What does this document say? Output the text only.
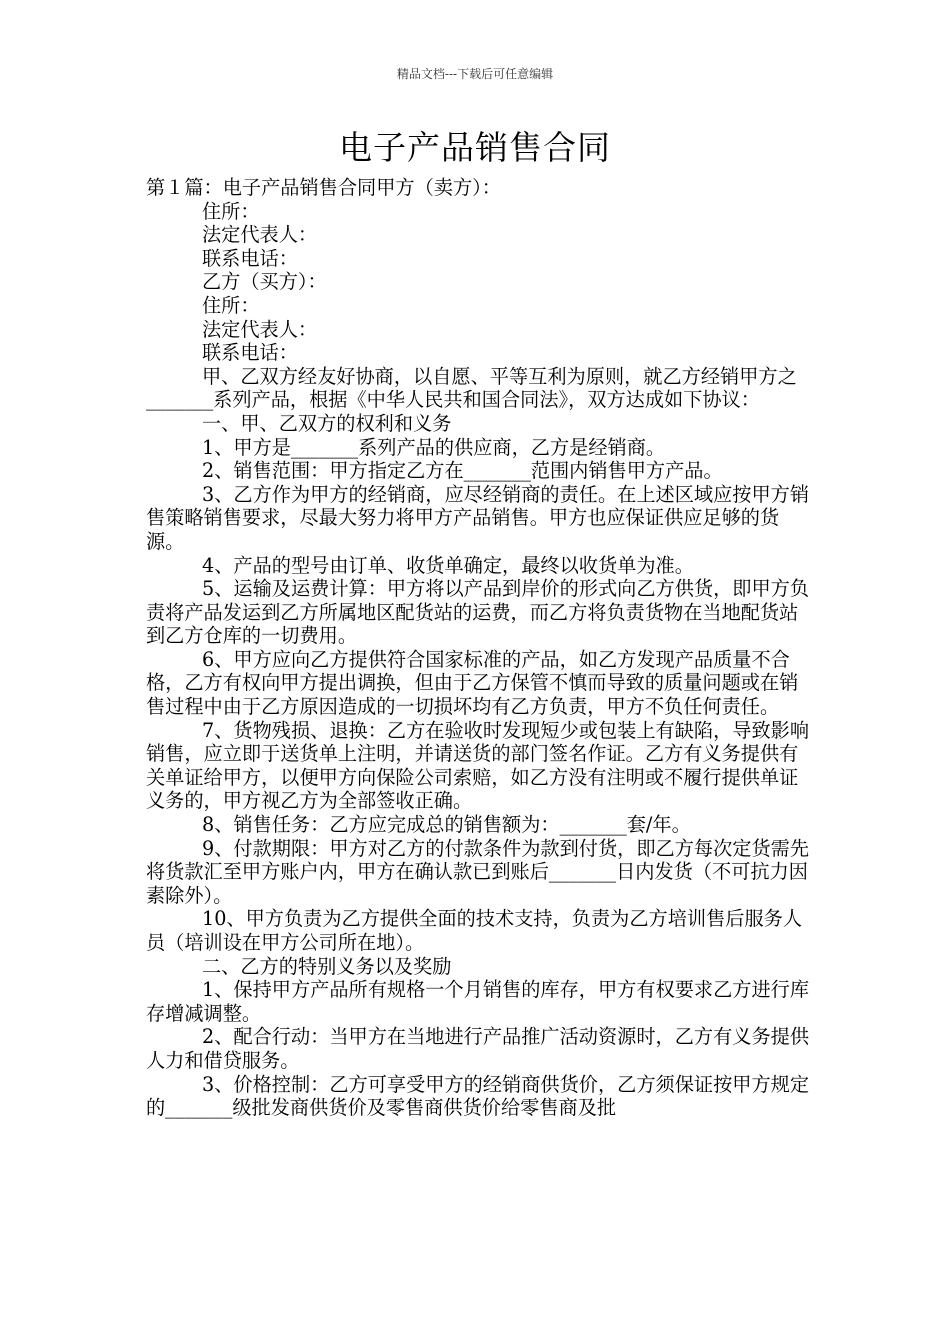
精品文档---下载后可任意编辑
电子产品销售合同

第１篇：电子产品销售合同甲方（卖方）：

住所：

法定代表人：

联系电话：

乙方（买方）：

住所：

法定代表人：

联系电话：

甲、乙双方经友好协商，以自愿、平等互利为原则，就乙方经销甲方之_______系列产品，根据《中华人民共和国合同法》，双方达成如下协议：

一、甲、乙双方的权利和义务

1、甲方是_______系列产品的供应商，乙方是经销商。

2、销售范围：甲方指定乙方在_______范围内销售甲方产品。

3、乙方作为甲方的经销商，应尽经销商的责任。在上述区域应按甲方销售策略销售要求，尽最大努力将甲方产品销售。甲方也应保证供应足够的货源。

4、产品的型号由订单、收货单确定，最终以收货单为准。

5、运输及运费计算：甲方将以产品到岸价的形式向乙方供货，即甲方负责将产品发运到乙方所属地区配货站的运费，而乙方将负责货物在当地配货站到乙方仓库的一切费用。

6、甲方应向乙方提供符合国家标准的产品，如乙方发现产品质量不合格，乙方有权向甲方提出调换，但由于乙方保管不慎而导致的质量问题或在销售过程中由于乙方原因造成的一切损坏均有乙方负责，甲方不负任何责任。

7、货物残损、退换：乙方在验收时发现短少或包装上有缺陷，导致影响销售，应立即于送货单上注明，并请送货的部门签名作证。乙方有义务提供有关单证给甲方，以便甲方向保险公司索赔，如乙方没有注明或不履行提供单证义务的，甲方视乙方为全部签收正确。

8、销售任务：乙方应完成总的销售额为：_______套/年。

9、付款期限：甲方对乙方的付款条件为款到付货，即乙方每次定货需先将货款汇至甲方账户内，甲方在确认款已到账后_______日内发货（不可抗力因素除外）。

10、甲方负责为乙方提供全面的技术支持，负责为乙方培训售后服务人员（培训设在甲方公司所在地）。

二、乙方的特别义务以及奖励

1、保持甲方产品所有规格一个月销售的库存，甲方有权要求乙方进行库存增减调整。

2、配合行动：当甲方在当地进行产品推广活动资源时，乙方有义务提供人力和借贷服务。

3、价格控制：乙方可享受甲方的经销商供货价，乙方须保证按甲方规定的_______级批发商供货价及零售商供货价给零售商及批
